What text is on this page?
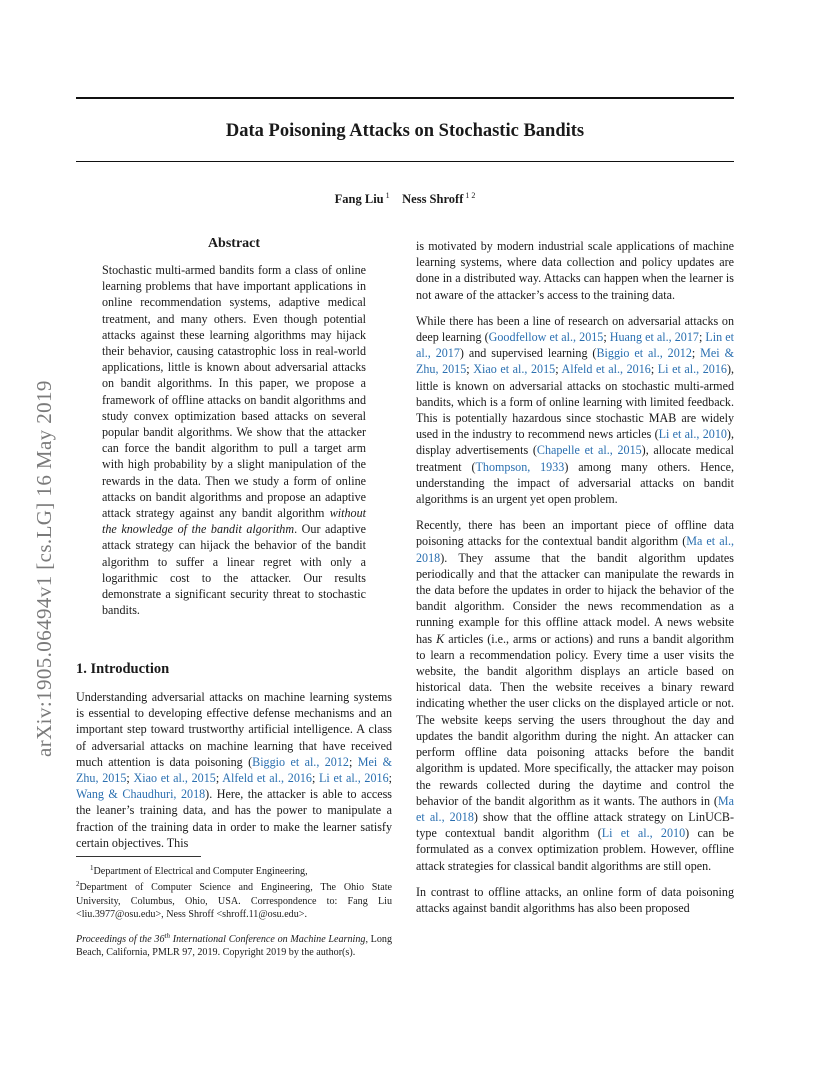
arXiv:1905.06494v1 [cs.LG] 16 May 2019
Data Poisoning Attacks on Stochastic Bandits
Fang Liu $^1$ Ness Shroff $^{1 2}$
Abstract
Stochastic multi-armed bandits form a class of online learning problems that have important applications in online recommendation systems, adaptive medical treatment, and many others. Even though potential attacks against these learning algorithms may hijack their behavior, causing catastrophic loss in real-world applications, little is known about adversarial attacks on bandit algorithms. In this paper, we propose a framework of offline attacks on bandit algorithms and study convex optimization based attacks on several popular bandit algorithms. We show that the attacker can force the bandit algorithm to pull a target arm with high probability by a slight manipulation of the rewards in the data. Then we study a form of online attacks on bandit algorithms and propose an adaptive attack strategy against any bandit algorithm without the knowledge of the bandit algorithm. Our adaptive attack strategy can hijack the behavior of the bandit algorithm to suffer a linear regret with only a logarithmic cost to the attacker. Our results demonstrate a significant security threat to stochastic bandits.
1. Introduction
Understanding adversarial attacks on machine learning systems is essential to developing effective defense mechanisms and an important step toward trustworthy artificial intelligence. A class of adversarial attacks on machine learning that have received much attention is data poisoning (Biggio et al., 2012; Mei & Zhu, 2015; Xiao et al., 2015; Alfeld et al., 2016; Li et al., 2016; Wang & Chaudhuri, 2018). Here, the attacker is able to access the leaner’s training data, and has the power to manipulate a fraction of the training data in order to make the learner satisfy certain objectives. This
$^1$Department of Electrical and Computer Engineering,
$^2$Department of Computer Science and Engineering, The Ohio State University, Columbus, Ohio, USA. Correspondence to: Fang Liu <liu.3977@osu.edu>, Ness Shroff <shroff.11@osu.edu>.
Proceedings of the 36th International Conference on Machine Learning, Long Beach, California, PMLR 97, 2019. Copyright 2019 by the author(s).

is motivated by modern industrial scale applications of machine learning systems, where data collection and policy updates are done in a distributed way. Attacks can happen when the learner is not aware of the attacker’s access to the training data.

While there has been a line of research on adversarial attacks on deep learning (Goodfellow et al., 2015; Huang et al., 2017; Lin et al., 2017) and supervised learning (Biggio et al., 2012; Mei & Zhu, 2015; Xiao et al., 2015; Alfeld et al., 2016; Li et al., 2016), little is known on adversarial attacks on stochastic multi-armed bandits, which is a form of online learning with limited feedback. This is potentially hazardous since stochastic MAB are widely used in the industry to recommend news articles (Li et al., 2010), display advertisements (Chapelle et al., 2015), allocate medical treatment (Thompson, 1933) among many others. Hence, understanding the impact of adversarial attacks on bandit algorithms is an urgent yet open problem.

Recently, there has been an important piece of offline data poisoning attacks for the contextual bandit algorithm (Ma et al., 2018). They assume that the bandit algorithm updates periodically and that the attacker can manipulate the rewards in the data before the updates in order to hijack the behavior of the bandit algorithm. Consider the news recommendation as a running example for this offline attack model. A news website has K articles (i.e., arms or actions) and runs a bandit algorithm to learn a recommendation policy. Every time a user visits the website, the bandit algorithm displays an article based on historical data. Then the website receives a binary reward indicating whether the user clicks on the displayed article or not. The website keeps serving the users throughout the day and updates the bandit algorithm during the night. An attacker can perform offline data poisoning attacks before the bandit algorithm is updated. More specifically, the attacker may poison the rewards collected during the daytime and control the behavior of the bandit algorithm as it wants. The authors in (Ma et al., 2018) show that the offline attack strategy on LinUCB-type contextual bandit algorithm (Li et al., 2010) can be formulated as a convex optimization problem. However, offline attack strategies for classical bandit algorithms are still open.

In contrast to offline attacks, an online form of data poisoning attacks against bandit algorithms has also been proposed
